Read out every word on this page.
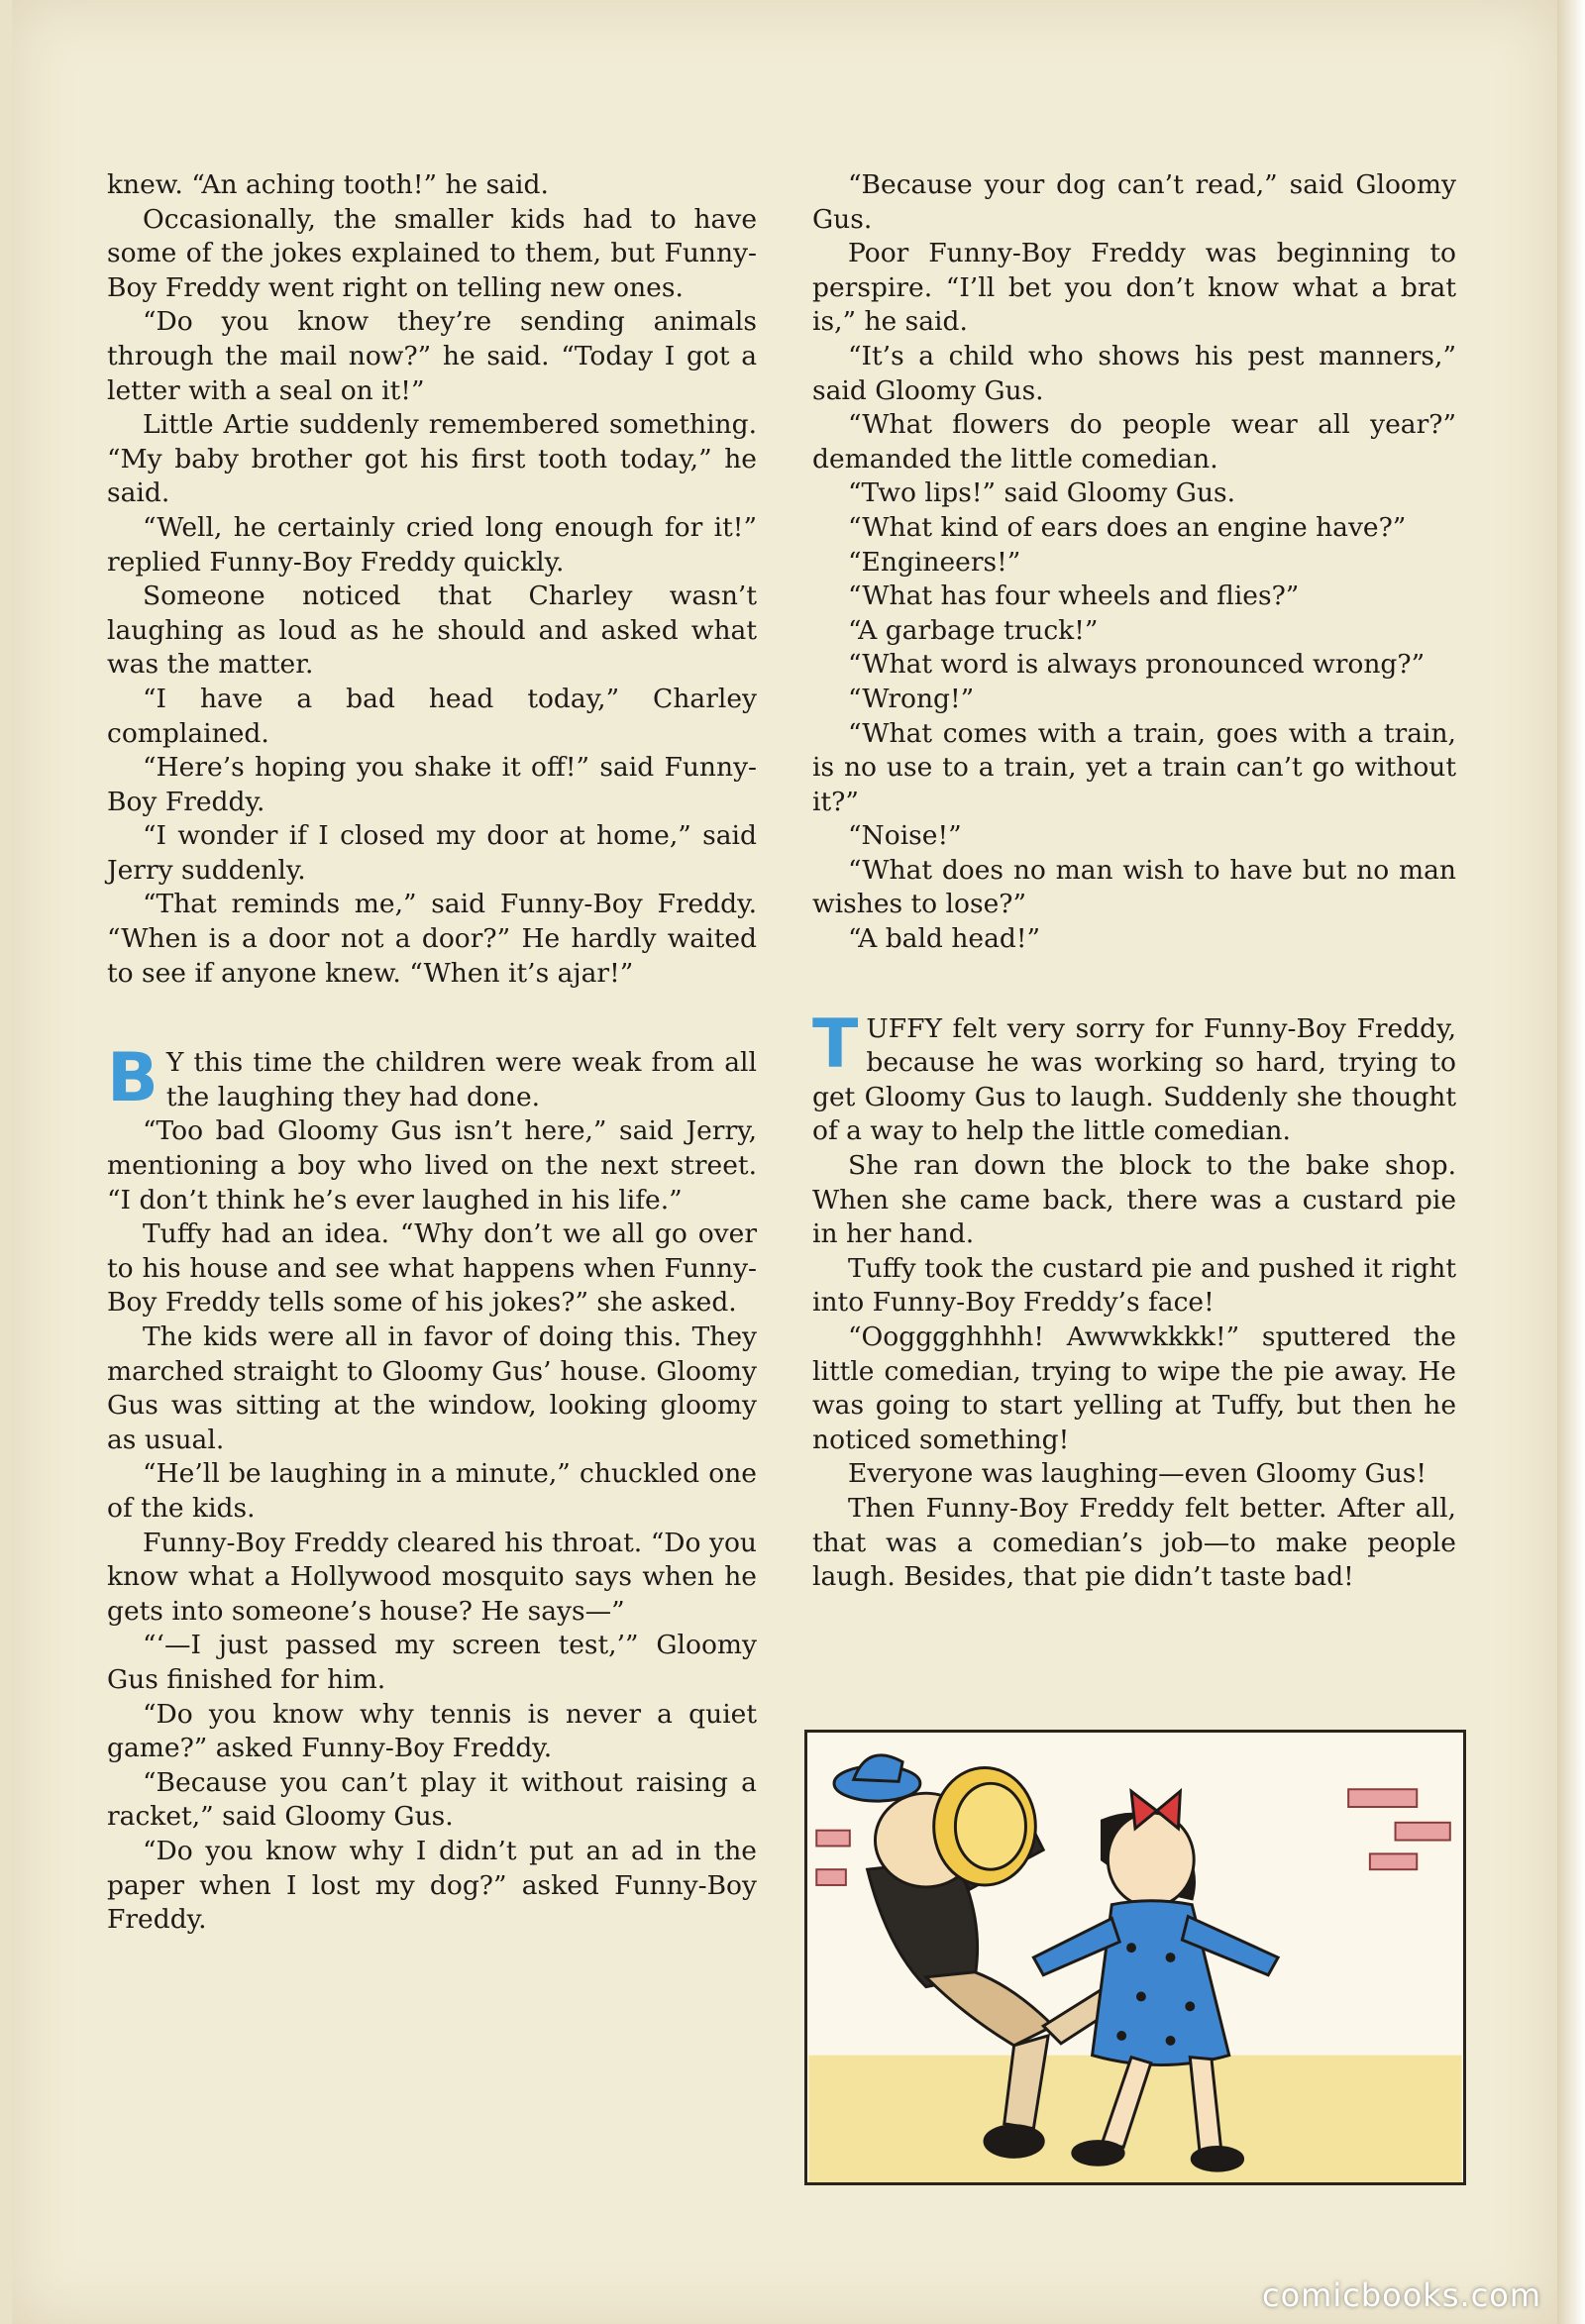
knew. “An aching tooth!” he said.

Occasionally, the smaller kids had to have some of the jokes explained to them, but Funny-Boy Freddy went right on telling new ones.

“Do you know they’re sending animals through the mail now?” he said. “Today I got a letter with a seal on it!”

Little Artie suddenly remembered something. “My baby brother got his first tooth today,” he said.

“Well, he certainly cried long enough for it!” replied Funny-Boy Freddy quickly.

Someone noticed that Charley wasn’t laughing as loud as he should and asked what was the matter.

“I have a bad head today,” Charley complained.

“Here’s hoping you shake it off!” said Funny-Boy Freddy.

“I wonder if I closed my door at home,” said Jerry suddenly.

“That reminds me,” said Funny-Boy Freddy. “When is a door not a door?” He hardly waited to see if anyone knew. “When it’s ajar!”

B Y this time the children were weak from all the laughing they had done.

“Too bad Gloomy Gus isn’t here,” said Jerry, mentioning a boy who lived on the next street. “I don’t think he’s ever laughed in his life.”

Tuffy had an idea. “Why don’t we all go over to his house and see what happens when Funny-Boy Freddy tells some of his jokes?” she asked.

The kids were all in favor of doing this. They marched straight to Gloomy Gus’ house. Gloomy Gus was sitting at the window, looking gloomy as usual.

“He’ll be laughing in a minute,” chuckled one of the kids.

Funny-Boy Freddy cleared his throat. “Do you know what a Hollywood mosquito says when he gets into someone’s house? He says—”

“‘—I just passed my screen test,’” Gloomy Gus finished for him.

“Do you know why tennis is never a quiet game?” asked Funny-Boy Freddy.

“Because you can’t play it without raising a racket,” said Gloomy Gus.

“Do you know why I didn’t put an ad in the paper when I lost my dog?” asked Funny-Boy Freddy.

“Because your dog can’t read,” said Gloomy Gus.

Poor Funny-Boy Freddy was beginning to perspire. “I’ll bet you don’t know what a brat is,” he said.

“It’s a child who shows his pest manners,” said Gloomy Gus.

“What flowers do people wear all year?” demanded the little comedian.

“Two lips!” said Gloomy Gus.

“What kind of ears does an engine have?”

“Engineers!”

“What has four wheels and flies?”

“A garbage truck!”

“What word is always pronounced wrong?”

“Wrong!”

“What comes with a train, goes with a train, is no use to a train, yet a train can’t go without it?”

“Noise!”

“What does no man wish to have but no man wishes to lose?”

“A bald head!”

T UFFY felt very sorry for Funny-Boy Freddy, because he was working so hard, trying to get Gloomy Gus to laugh. Suddenly she thought of a way to help the little comedian.

She ran down the block to the bake shop. When she came back, there was a custard pie in her hand.

Tuffy took the custard pie and pushed it right into Funny-Boy Freddy’s face!

“Oogggghhhh! Awwwkkkk!” sputtered the little comedian, trying to wipe the pie away. He was going to start yelling at Tuffy, but then he noticed something!

Everyone was laughing—even Gloomy Gus!

Then Funny-Boy Freddy felt better. After all, that was a comedian’s job—to make people laugh. Besides, that pie didn’t taste bad!

comicbooks.com
